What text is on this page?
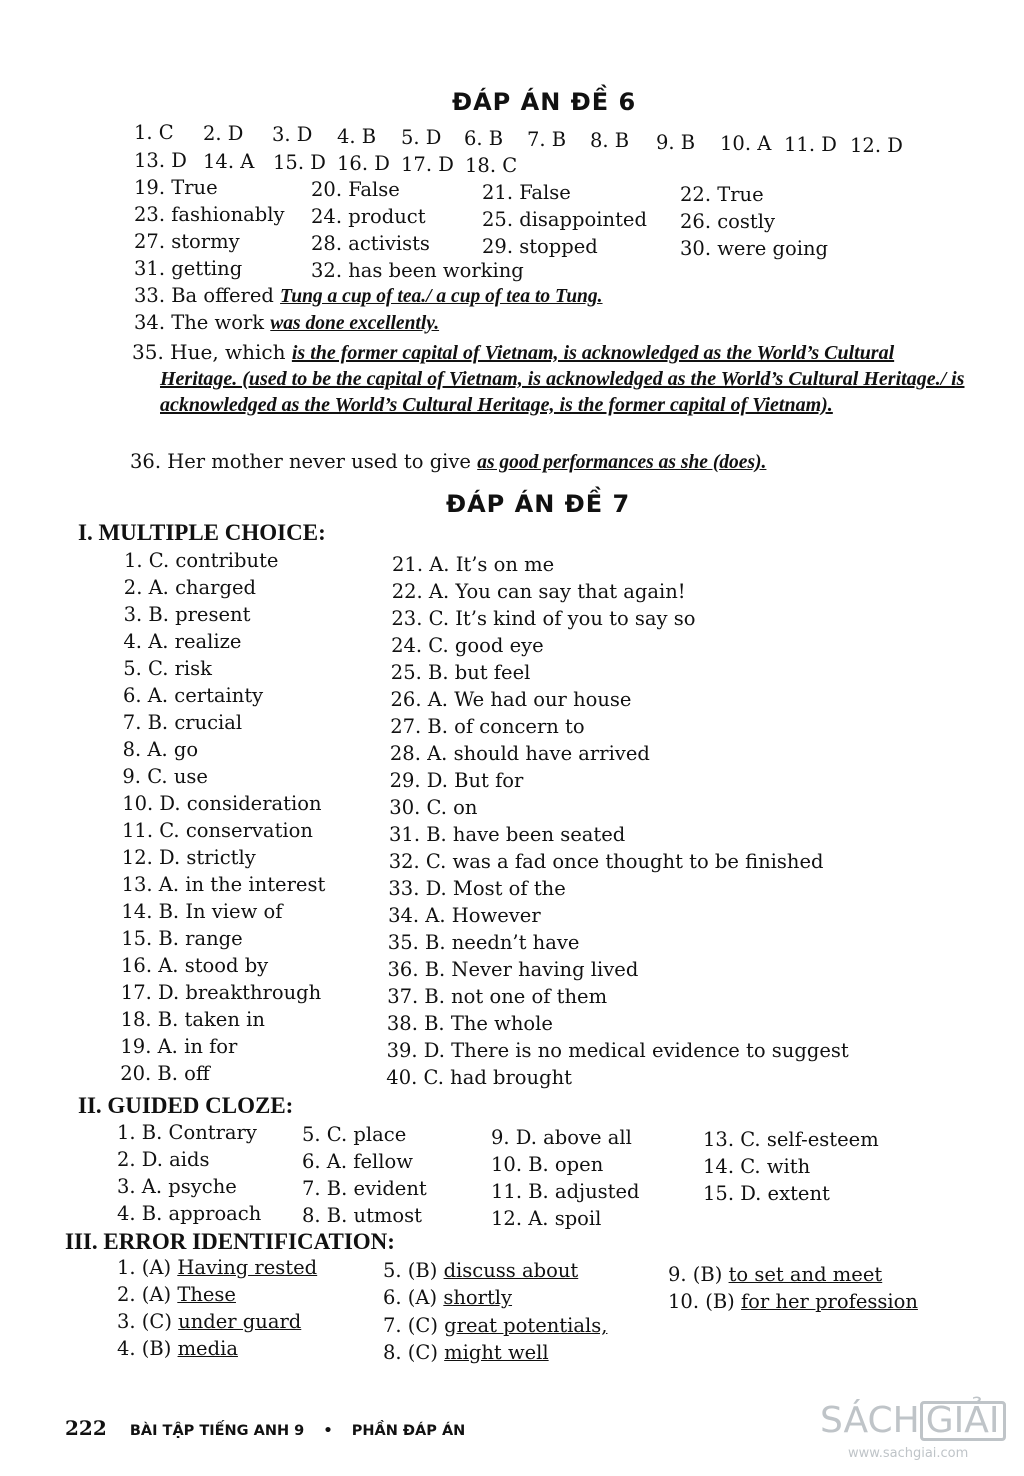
ĐÁP ÁN ĐỀ 6
1. C 2. D 3. D 4. B 5. D 6. B 7. B 8. B 9. B 10. A 11. D 12. D
13. D 14. A 15. D 16. D 17. D 18. C
19. True	20. False	21. False	22. True
23. fashionably 24. product	25. disappointed 26. costly
27. stormy	28. activists	29. stopped	30. were going
31. getting	32. has been working
33. Ba offered Tung a cup of tea./ a cup of tea to Tung.
34. The work was done excellently.
35. Hue, which is the former capital of Vietnam, is acknowledged as the World’s Cultural Heritage. (used to be the capital of Vietnam, is acknowledged as the World’s Cultural Heritage./ is acknowledged as the World’s Cultural Heritage, is the former capital of Vietnam).
36. Her mother never used to give as good performances as she (does).
ĐÁP ÁN ĐỀ 7
I. MULTIPLE CHOICE:
1. C. contribute
2. A. charged
3. B. present
4. A. realize
5. C. risk
6. A. certainty
7. B. crucial
8. A. go
9. C. use
10. D. consideration
11. C. conservation
12. D. strictly
13. A. in the interest
14. B. In view of
15. B. range
16. A. stood by
17. D. breakthrough
18. B. taken in
19. A. in for
20. B. off
21. A. It’s on me
22. A. You can say that again!
23. C. It’s kind of you to say so
24. C. good eye
25. B. but feel
26. A. We had our house
27. B. of concern to
28. A. should have arrived
29. D. But for
30. C. on
31. B. have been seated
32. C. was a fad once thought to be finished
33. D. Most of the
34. A. However
35. B. needn’t have
36. B. Never having lived
37. B. not one of them
38. B. The whole
39. D. There is no medical evidence to suggest
40. C. had brought
II. GUIDED CLOZE:
1. B. Contrary 5. C. place	9. D. above all	13. C. self-esteem
2. D. aids	6. A. fellow	10. B. open	14. C. with
3. A. psyche	7. B. evident	11. B. adjusted	15. D. extent
4. B. approach 8. B. utmost	12. A. spoil
III. ERROR IDENTIFICATION:
1. (A) Having rested	5. (B) discuss about	9. (B) to set and meet
2. (A) These	6. (A) shortly	10. (B) for her profession
3. (C) under guard	7. (C) great potentials,
4. (B) media	8. (C) might well
222 BÀI TẬP TIẾNG ANH 9 • PHẦN ĐÁP ÁN	SÁCH GIẢI
www.sachgiai.com
